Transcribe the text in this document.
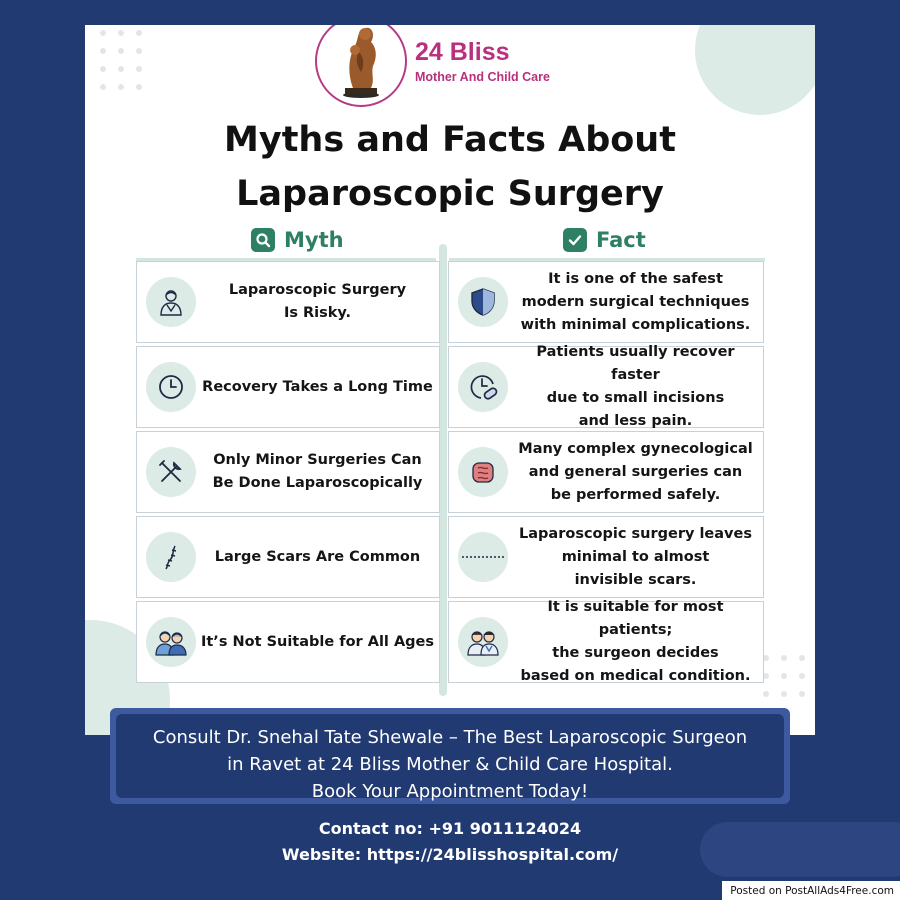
24 Bliss
Mother And Child Care
Myths and Facts About
Laparoscopic Surgery
Myth	Fact
Laparoscopic Surgery
Is Risky.
It is one of the safest
modern surgical techniques
with minimal complications.
Recovery Takes a Long Time
Patients usually recover faster
due to small incisions
and less pain.
Only Minor Surgeries Can
Be Done Laparoscopically
Many complex gynecological
and general surgeries can
be performed safely.
Large Scars Are Common
Laparoscopic surgery leaves
minimal to almost
invisible scars.
It’s Not Suitable for All Ages
It is suitable for most patients;
the surgeon decides
based on medical condition.
Consult Dr. Snehal Tate Shewale – The Best Laparoscopic Surgeon
in Ravet at 24 Bliss Mother & Child Care Hospital.
Book Your Appointment Today!
Contact no: +91 9011124024
Website: https://24blisshospital.com/
Posted on PostAllAds4Free.com
